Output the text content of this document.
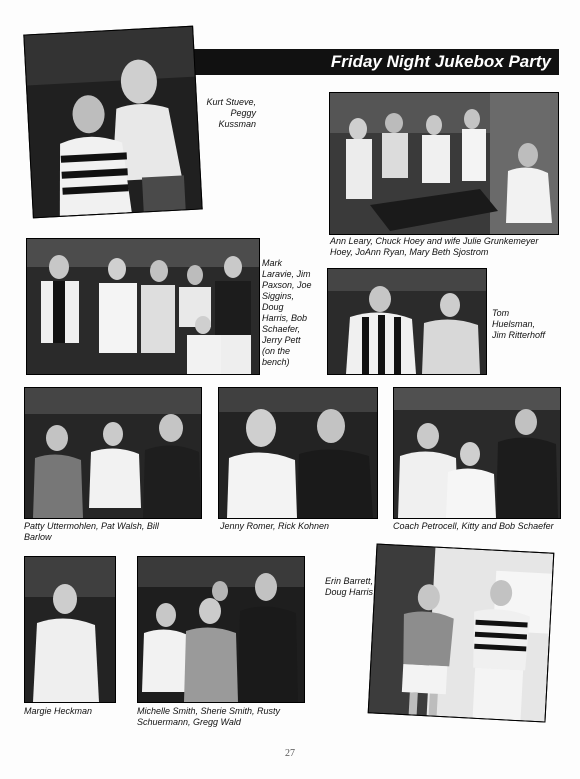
Friday Night Jukebox Party
Kurt Stueve,
Peggy
Kussman
Ann Leary, Chuck Hoey and wife Julie Grunkemeyer
Hoey, JoAnn Ryan, Mary Beth Sjostrom
Mark
Laravie, Jim
Paxson, Joe
Siggins,
Doug
Harris, Bob
Schaefer,
Jerry Pett
(on the
bench)
Tom
Huelsman,
Jim Ritterhoff
Patty Uttermohlen, Pat Walsh, Bill
Barlow
Jenny Romer, Rick Kohnen	Coach Petrocell, Kitty and Bob Schaefer
Margie Heckman	Michelle Smith, Sherie Smith, Rusty
Schuermann, Gregg Wald
Erin Barrett,
Doug Harris
27
